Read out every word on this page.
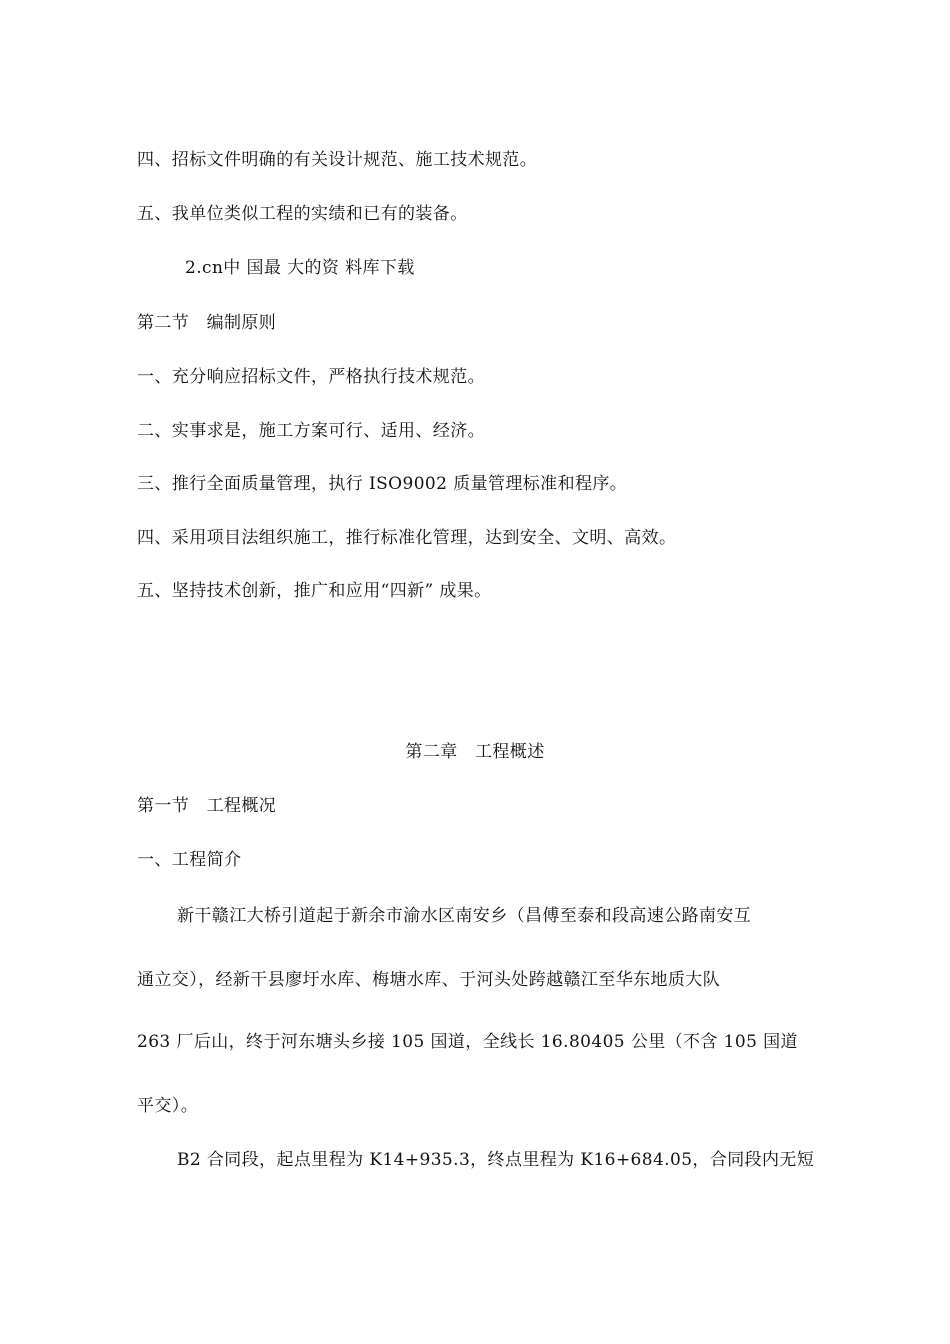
四、招标文件明确的有关设计规范、施工技术规范。
五、我单位类似工程的实绩和已有的装备。
2.cn中 国最 大的资 料库下载
第二节　编制原则
一、充分响应招标文件，严格执行技术规范。
二、实事求是，施工方案可行、适用、经济。
三、推行全面质量管理，执行 ISO9002 质量管理标准和程序。
四、采用项目法组织施工，推行标准化管理，达到安全、文明、高效。
五、坚持技术创新，推广和应用“四新” 成果。
第二章　工程概述
第一节　工程概况
一、工程简介
新干赣江大桥引道起于新余市渝水区南安乡（昌傅至泰和段高速公路南安互
通立交），经新干县廖圩水库、梅塘水库、于河头处跨越赣江至华东地质大队
263 厂后山，终于河东塘头乡接 105 国道，全线长 16.80405 公里（不含 105 国道
平交）。
B2 合同段，起点里程为 K14+935.3，终点里程为 K16+684.05，合同段内无短
